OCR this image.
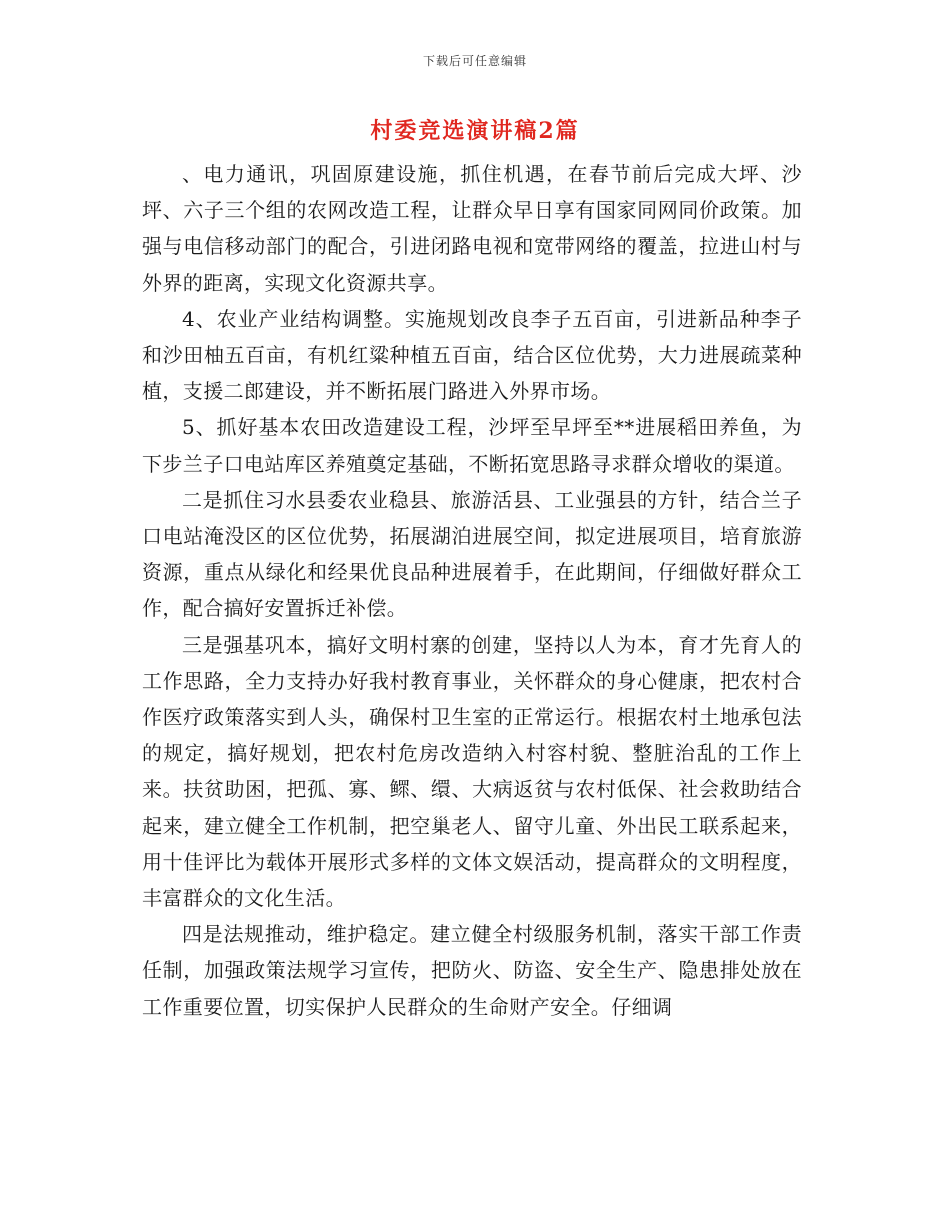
下载后可任意编辑
村委竞选演讲稿2篇

、电力通讯，巩固原建设施，抓住机遇，在春节前后完成大坪、沙坪、六子三个组的农网改造工程，让群众早日享有国家同网同价政策。加强与电信移动部门的配合，引进闭路电视和宽带网络的覆盖，拉进山村与外界的距离，实现文化资源共享。

4、农业产业结构调整。实施规划改良李子五百亩，引进新品种李子和沙田柚五百亩，有机红粱种植五百亩，结合区位优势，大力进展疏菜种植，支援二郎建设，并不断拓展门路进入外界市场。

5、抓好基本农田改造建设工程，沙坪至早坪至**进展稻田养鱼，为下步兰子口电站库区养殖奠定基础，不断拓宽思路寻求群众增收的渠道。

二是抓住习水县委农业稳县、旅游活县、工业强县的方针，结合兰子口电站淹没区的区位优势，拓展湖泊进展空间，拟定进展项目，培育旅游资源，重点从绿化和经果优良品种进展着手，在此期间，仔细做好群众工作，配合搞好安置拆迁补偿。

三是强基巩本，搞好文明村寨的创建，坚持以人为本，育才先育人的工作思路，全力支持办好我村教育事业，关怀群众的身心健康，把农村合作医疗政策落实到人头，确保村卫生室的正常运行。根据农村土地承包法的规定，搞好规划，把农村危房改造纳入村容村貌、整脏治乱的工作上来。扶贫助困，把孤、寡、鳏、缳、大病返贫与农村低保、社会救助结合起来，建立健全工作机制，把空巢老人、留守儿童、外出民工联系起来，用十佳评比为载体开展形式多样的文体文娱活动，提高群众的文明程度，丰富群众的文化生活。

四是法规推动，维护稳定。建立健全村级服务机制，落实干部工作责任制，加强政策法规学习宣传，把防火、防盗、安全生产、隐患排处放在工作重要位置，切实保护人民群众的生命财产安全。仔细调
